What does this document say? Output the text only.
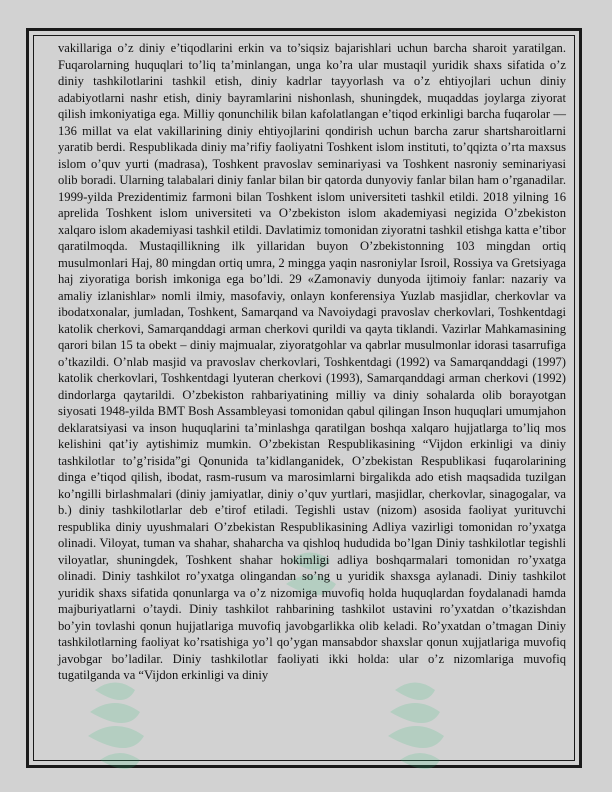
vakillariga o’z diniy e’tiqodlarini erkin va to’siqsiz bajarishlari uchun barcha sharoit yaratilgan. Fuqarolarning huquqlari to’liq ta’minlangan, unga ko’ra ular mustaqil yuridik shaxs sifatida o’z diniy tashkilotlarini tashkil etish, diniy kadrlar tayyorlash va o’z ehtiyojlari uchun diniy adabiyotlarni nashr etish, diniy bayramlarini nishonlash, shuningdek, muqaddas joylarga ziyorat qilish imkoniyatiga ega. Milliy qonunchilik bilan kafolatlangan e’tiqod erkinligi barcha fuqarolar — 136 millat va elat vakillarining diniy ehtiyojlarini qondirish uchun barcha zarur shartsharoitlarni yaratib berdi. Respublikada diniy ma’rifiy faoliyatni Toshkent islom instituti, to’qqizta o’rta maxsus islom o’quv yurti (madrasa), Toshkent pravoslav seminariyasi va Toshkent nasroniy seminariyasi olib boradi. Ularning talabalari diniy fanlar bilan bir qatorda dunyoviy fanlar bilan ham o’rganadilar. 1999-yilda Prezidentimiz farmoni bilan Toshkent islom universiteti tashkil etildi. 2018 yilning 16 aprelida Toshkent islom universiteti va O’zbekiston islom akademiyasi negizida O’zbekiston xalqaro islom akademiyasi tashkil etildi. Davlatimiz tomonidan ziyoratni tashkil etishga katta e’tibor qaratilmoqda. Mustaqillikning ilk yillaridan buyon O’zbekistonning 103 mingdan ortiq musulmonlari Haj, 80 mingdan ortiq umra, 2 mingga yaqin nasroniylar Isroil, Rossiya va Gretsiyaga haj ziyoratiga borish imkoniga ega bo’ldi. 29 «Zamonaviy dunyoda ijtimoiy fanlar: nazariy va amaliy izlanishlar» nomli ilmiy, masofaviy, onlayn konferensiya Yuzlab masjidlar, cherkovlar va ibodatxonalar, jumladan, Toshkent, Samarqand va Navoiydagi pravoslav cherkovlari, Toshkentdagi katolik cherkovi, Samarqanddagi arman cherkovi qurildi va qayta tiklandi. Vazirlar Mahkamasining qarori bilan 15 ta obekt – diniy majmualar, ziyoratgohlar va qabrlar musulmonlar idorasi tasarrufiga o’tkazildi. O’nlab masjid va pravoslav cherkovlari, Toshkentdagi (1992) va Samarqanddagi (1997) katolik cherkovlari, Toshkentdagi lyuteran cherkovi (1993), Samarqanddagi arman cherkovi (1992) dindorlarga qaytarildi. O’zbekiston rahbariyatining milliy va diniy sohalarda olib borayotgan siyosati 1948-yilda BMT Bosh Assambleyasi tomonidan qabul qilingan Inson huquqlari umumjahon deklaratsiyasi va inson huquqlarini ta’minlashga qaratilgan boshqa xalqaro hujjatlarga to’liq mos kelishini qat’iy aytishimiz mumkin. O’zbekistan Respublikasining “Vijdon erkinligi va diniy tashkilotlar to’g’risida”gi Qonunida ta’kidlanganidek, O’zbekistan Respublikasi fuqarolarining dinga e’tiqod qilish, ibodat, rasm-rusum va marosimlarni birgalikda ado etish maqsadida tuzilgan ko’ngilli birlashmalari (diniy jamiyatlar, diniy o’quv yurtlari, masjidlar, cherkovlar, sinagogalar, va b.) diniy tashkilotlarlar deb e’tirof etiladi. Tegishli ustav (nizom) asosida faoliyat yurituvchi respublika diniy uyushmalari O’zbekistan Respublikasining Adliya vazirligi tomonidan ro’yxatga olinadi. Viloyat, tuman va shahar, shaharcha va qishloq hududida bo’lgan Diniy tashkilotlar tegishli viloyatlar, shuningdek, Toshkent shahar hokimligi adliya boshqarmalari tomonidan ro’yxatga olinadi. Diniy tashkilot ro’yxatga olingandan so’ng u yuridik shaxsga aylanadi. Diniy tashkilot yuridik shaxs sifatida qonunlarga va o’z nizomiga muvofiq holda huquqlardan foydalanadi hamda majburiyatlarni o’taydi. Diniy tashkilot rahbarining tashkilot ustavini ro’yxatdan o’tkazishdan bo’yin tovlashi qonun hujjatlariga muvofiq javobgarlikka olib keladi. Ro’yxatdan o’tmagan Diniy tashkilotlarning faoliyat ko’rsatishiga yo’l qo’ygan mansabdor shaxslar qonun xujjatlariga muvofiq javobgar bo’ladilar. Diniy tashkilotlar faoliyati ikki holda: ular o’z nizomlariga muvofiq tugatilganda va “Vijdon erkinligi va diniy
